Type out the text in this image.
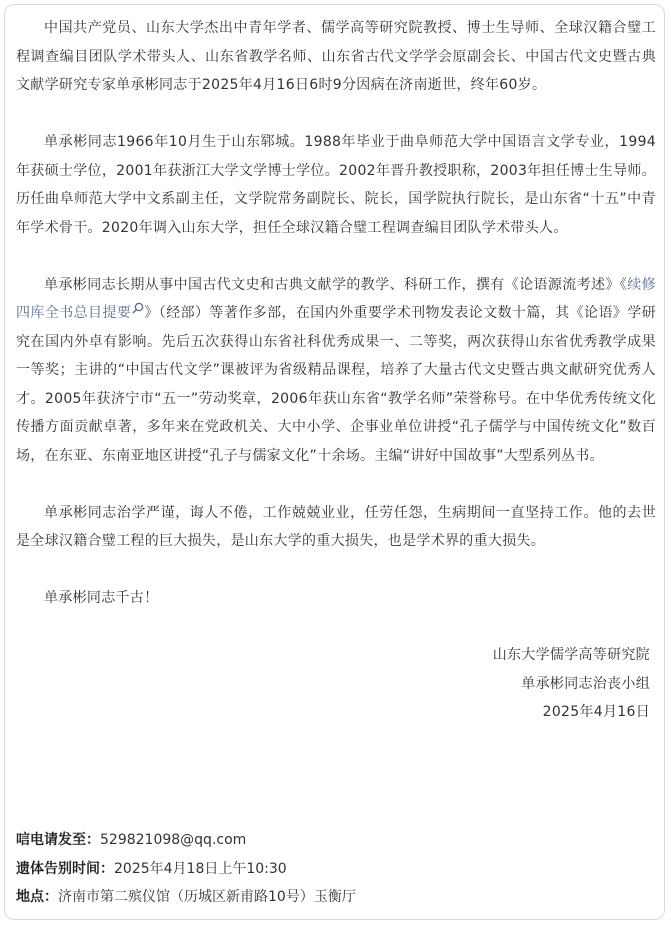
中国共产党员、山东大学杰出中青年学者、儒学高等研究院教授、博士生导师、全球汉籍合璧工程调查编目团队学术带头人、山东省教学名师、山东省古代文学学会原副会长、中国古代文史暨古典文献学研究专家单承彬同志于2025年4月16日6时9分因病在济南逝世，终年60岁。

单承彬同志1966年10月生于山东郓城。1988年毕业于曲阜师范大学中国语言文学专业，1994年获硕士学位，2001年获浙江大学文学博士学位。2002年晋升教授职称，2003年担任博士生导师。历任曲阜师范大学中文系副主任，文学院常务副院长、院长，国学院执行院长，是山东省“十五”中青年学术骨干。2020年调入山东大学，担任全球汉籍合璧工程调查编目团队学术带头人。

单承彬同志长期从事中国古代文史和古典文献学的教学、科研工作，撰有《论语源流考述》《续修四库全书总目提要 》（经部）等著作多部，在国内外重要学术刊物发表论文数十篇，其《论语》学研究在国内外卓有影响。先后五次获得山东省社科优秀成果一、二等奖，两次获得山东省优秀教学成果一等奖；主讲的“中国古代文学”课被评为省级精品课程，培养了大量古代文史暨古典文献研究优秀人才。2005年获济宁市“五一”劳动奖章，2006年获山东省“教学名师”荣誉称号。在中华优秀传统文化传播方面贡献卓著，多年来在党政机关、大中小学、企事业单位讲授“孔子儒学与中国传统文化”数百场，在东亚、东南亚地区讲授“孔子与儒家文化”十余场。主编“讲好中国故事”大型系列丛书。

单承彬同志治学严谨，诲人不倦，工作兢兢业业，任劳任怨，生病期间一直坚持工作。他的去世是全球汉籍合璧工程的巨大损失，是山东大学的重大损失，也是学术界的重大损失。

单承彬同志千古！

山东大学儒学高等研究院

单承彬同志治丧小组

2025年4月16日

唁电请发至：529821098@qq.com

遗体告别时间：2025年4月18日上午10:30

地点：济南市第二殡仪馆（历城区新甫路10号）玉衡厅
